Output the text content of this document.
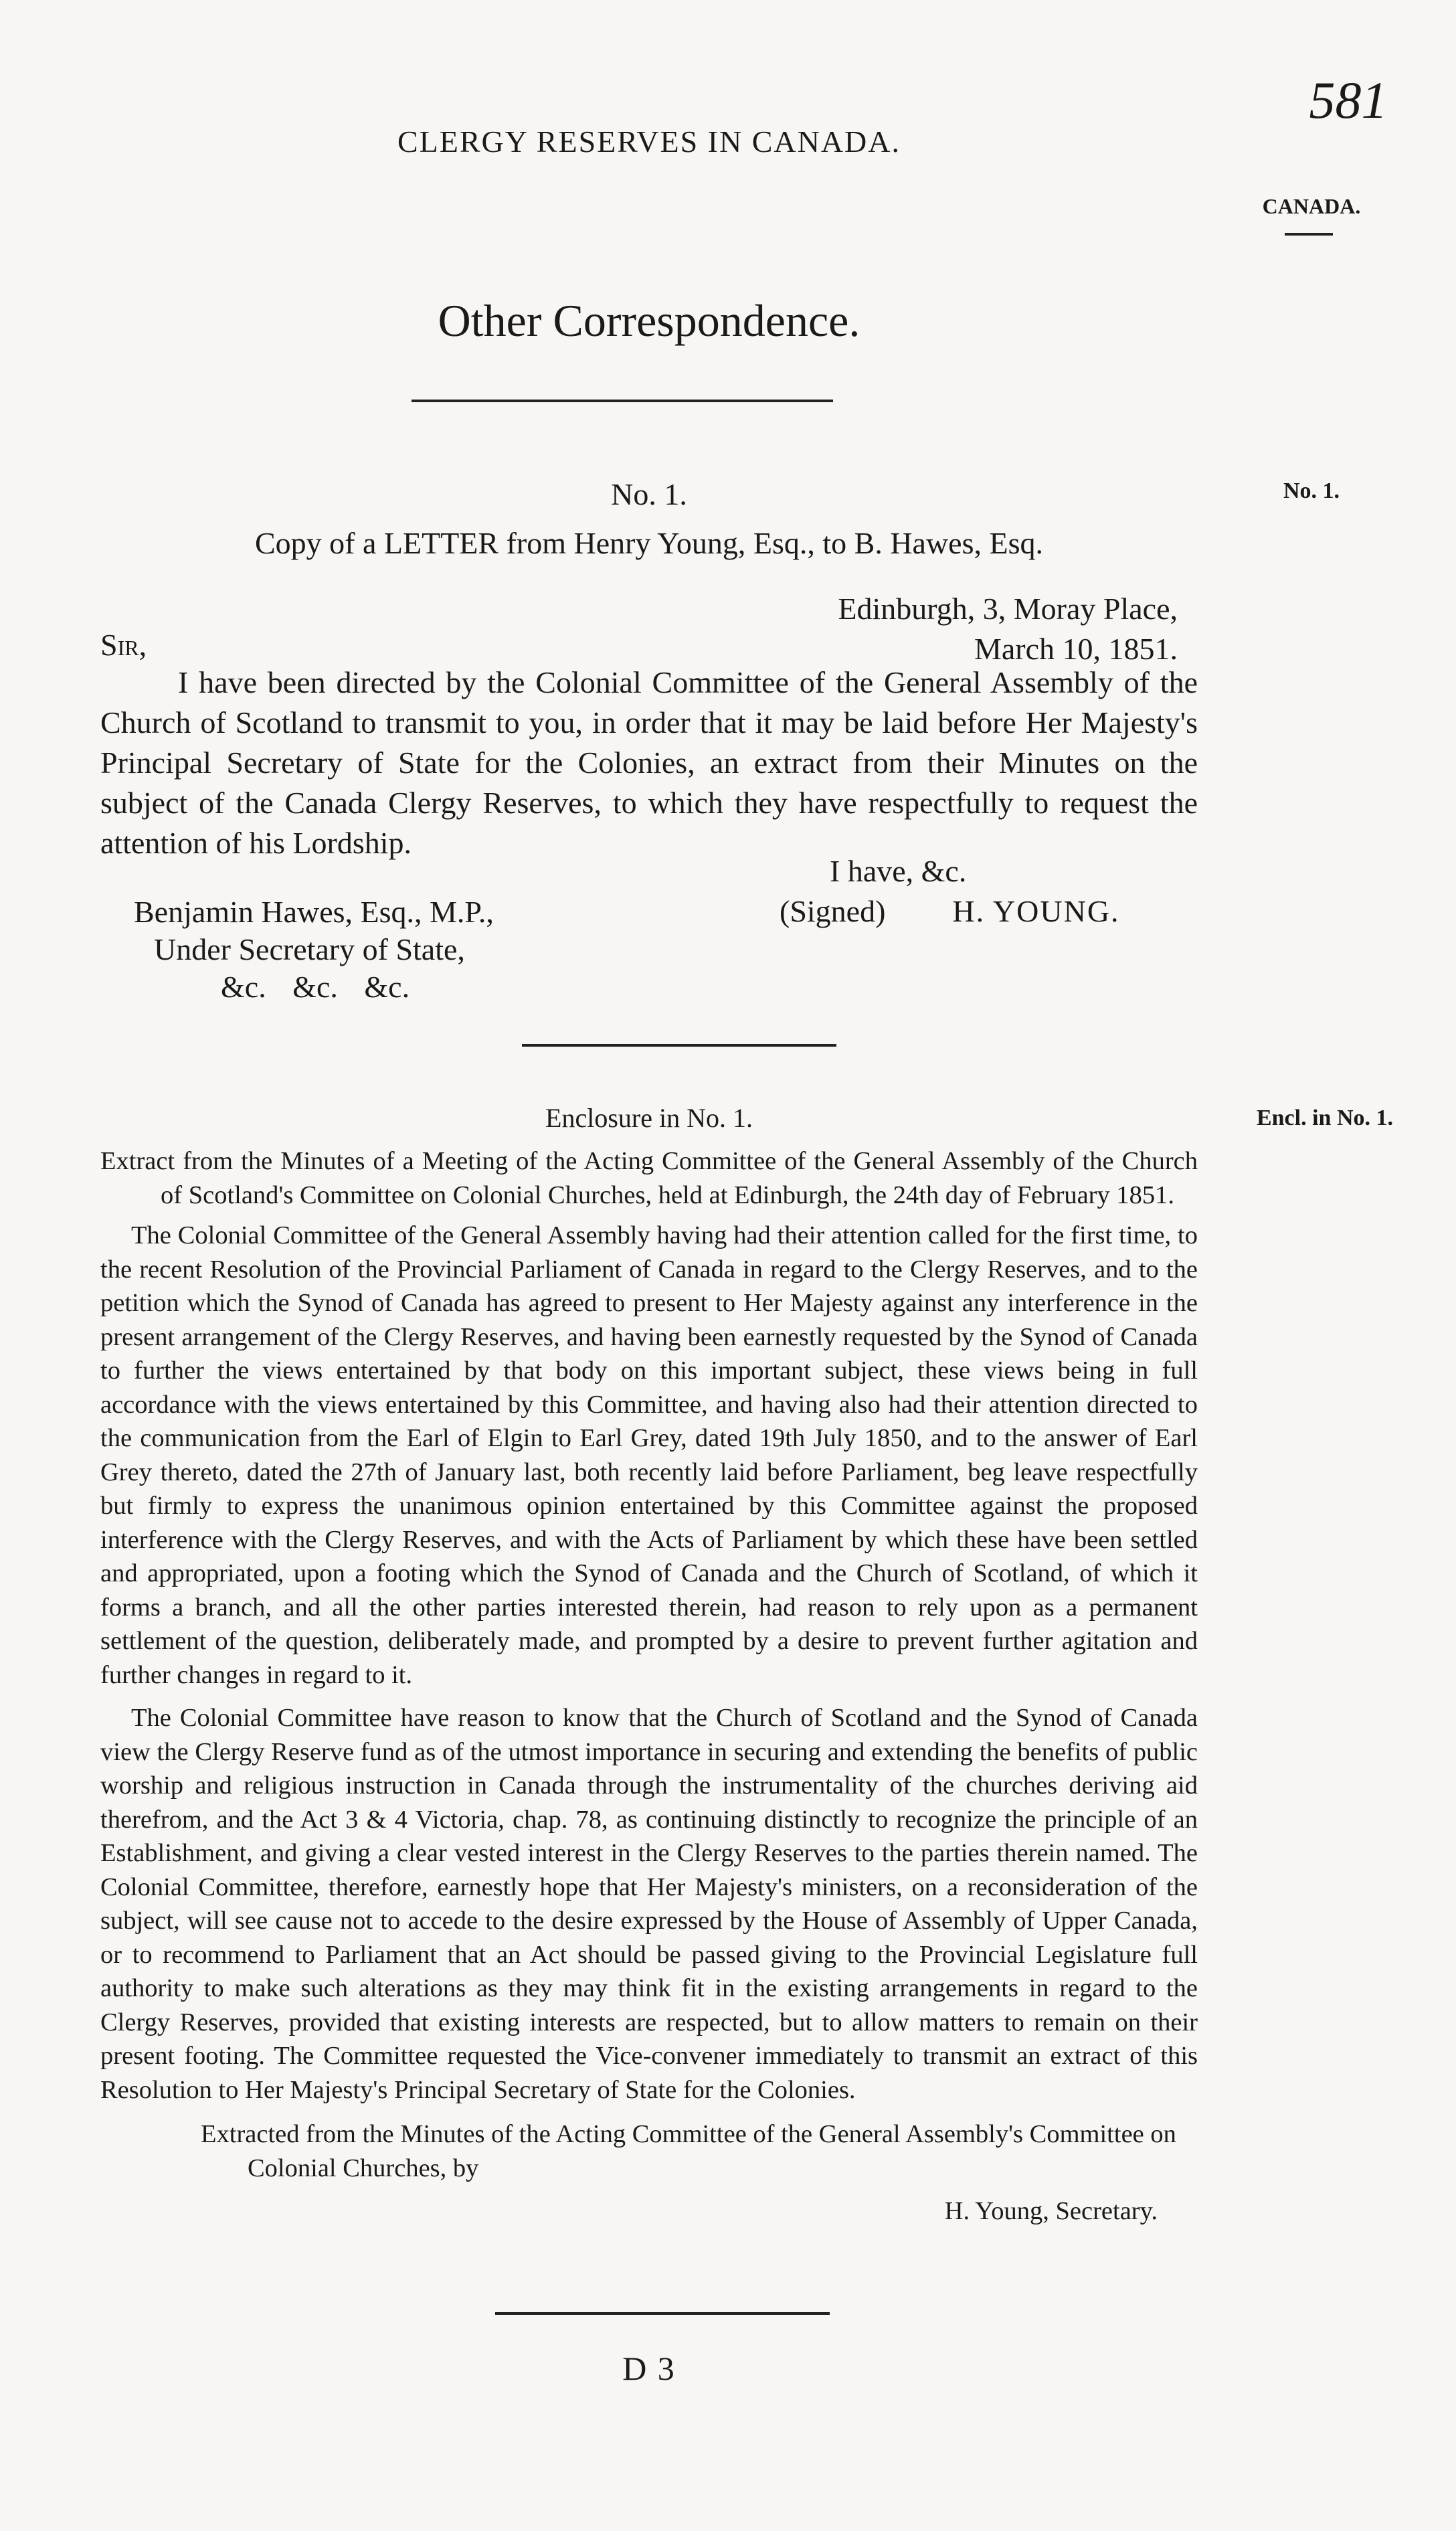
CLERGY RESERVES IN CANADA.
581
CANADA.
Other Correspondence.
No. 1.	No. 1.
Copy of a LETTER from Henry Young, Esq., to B. Hawes, Esq.
Edinburgh, 3, Moray Place,
March 10, 1851.
Sir,

I have been directed by the Colonial Committee of the General Assembly of the Church of Scotland to transmit to you, in order that it may be laid before Her Majesty's Principal Secretary of State for the Colonies, an extract from their Minutes on the subject of the Canada Clergy Reserves, to which they have respectfully to request the attention of his Lordship.

I have, &c.
(Signed) H. YOUNG.
Benjamin Hawes, Esq., M.P.,
Under Secretary of State,
&c. &c. &c.
Enclosure in No. 1.	Encl. in No. 1.

Extract from the Minutes of a Meeting of the Acting Committee of the General Assembly of the Church of Scotland's Committee on Colonial Churches, held at Edinburgh, the 24th day of February 1851.

The Colonial Committee of the General Assembly having had their attention called for the first time, to the recent Resolution of the Provincial Parliament of Canada in regard to the Clergy Reserves, and to the petition which the Synod of Canada has agreed to present to Her Majesty against any interference in the present arrangement of the Clergy Reserves, and having been earnestly requested by the Synod of Canada to further the views entertained by that body on this important subject, these views being in full accordance with the views entertained by this Committee, and having also had their attention directed to the communication from the Earl of Elgin to Earl Grey, dated 19th July 1850, and to the answer of Earl Grey thereto, dated the 27th of January last, both recently laid before Parliament, beg leave respectfully but firmly to express the unanimous opinion entertained by this Committee against the proposed interference with the Clergy Reserves, and with the Acts of Parliament by which these have been settled and appropriated, upon a footing which the Synod of Canada and the Church of Scotland, of which it forms a branch, and all the other parties interested therein, had reason to rely upon as a permanent settlement of the question, deliberately made, and prompted by a desire to prevent further agitation and further changes in regard to it.

The Colonial Committee have reason to know that the Church of Scotland and the Synod of Canada view the Clergy Reserve fund as of the utmost importance in securing and extending the benefits of public worship and religious instruction in Canada through the instrumentality of the churches deriving aid therefrom, and the Act 3 & 4 Victoria, chap. 78, as continuing distinctly to recognize the principle of an Establishment, and giving a clear vested interest in the Clergy Reserves to the parties therein named. The Colonial Committee, therefore, earnestly hope that Her Majesty's ministers, on a reconsideration of the subject, will see cause not to accede to the desire expressed by the House of Assembly of Upper Canada, or to recommend to Parliament that an Act should be passed giving to the Provincial Legislature full authority to make such alterations as they may think fit in the existing arrangements in regard to the Clergy Reserves, provided that existing interests are respected, but to allow matters to remain on their present footing. The Committee requested the Vice-convener immediately to transmit an extract of this Resolution to Her Majesty's Principal Secretary of State for the Colonies.

Extracted from the Minutes of the Acting Committee of the General Assembly's Committee on Colonial Churches, by

H. Young, Secretary.

D 3
